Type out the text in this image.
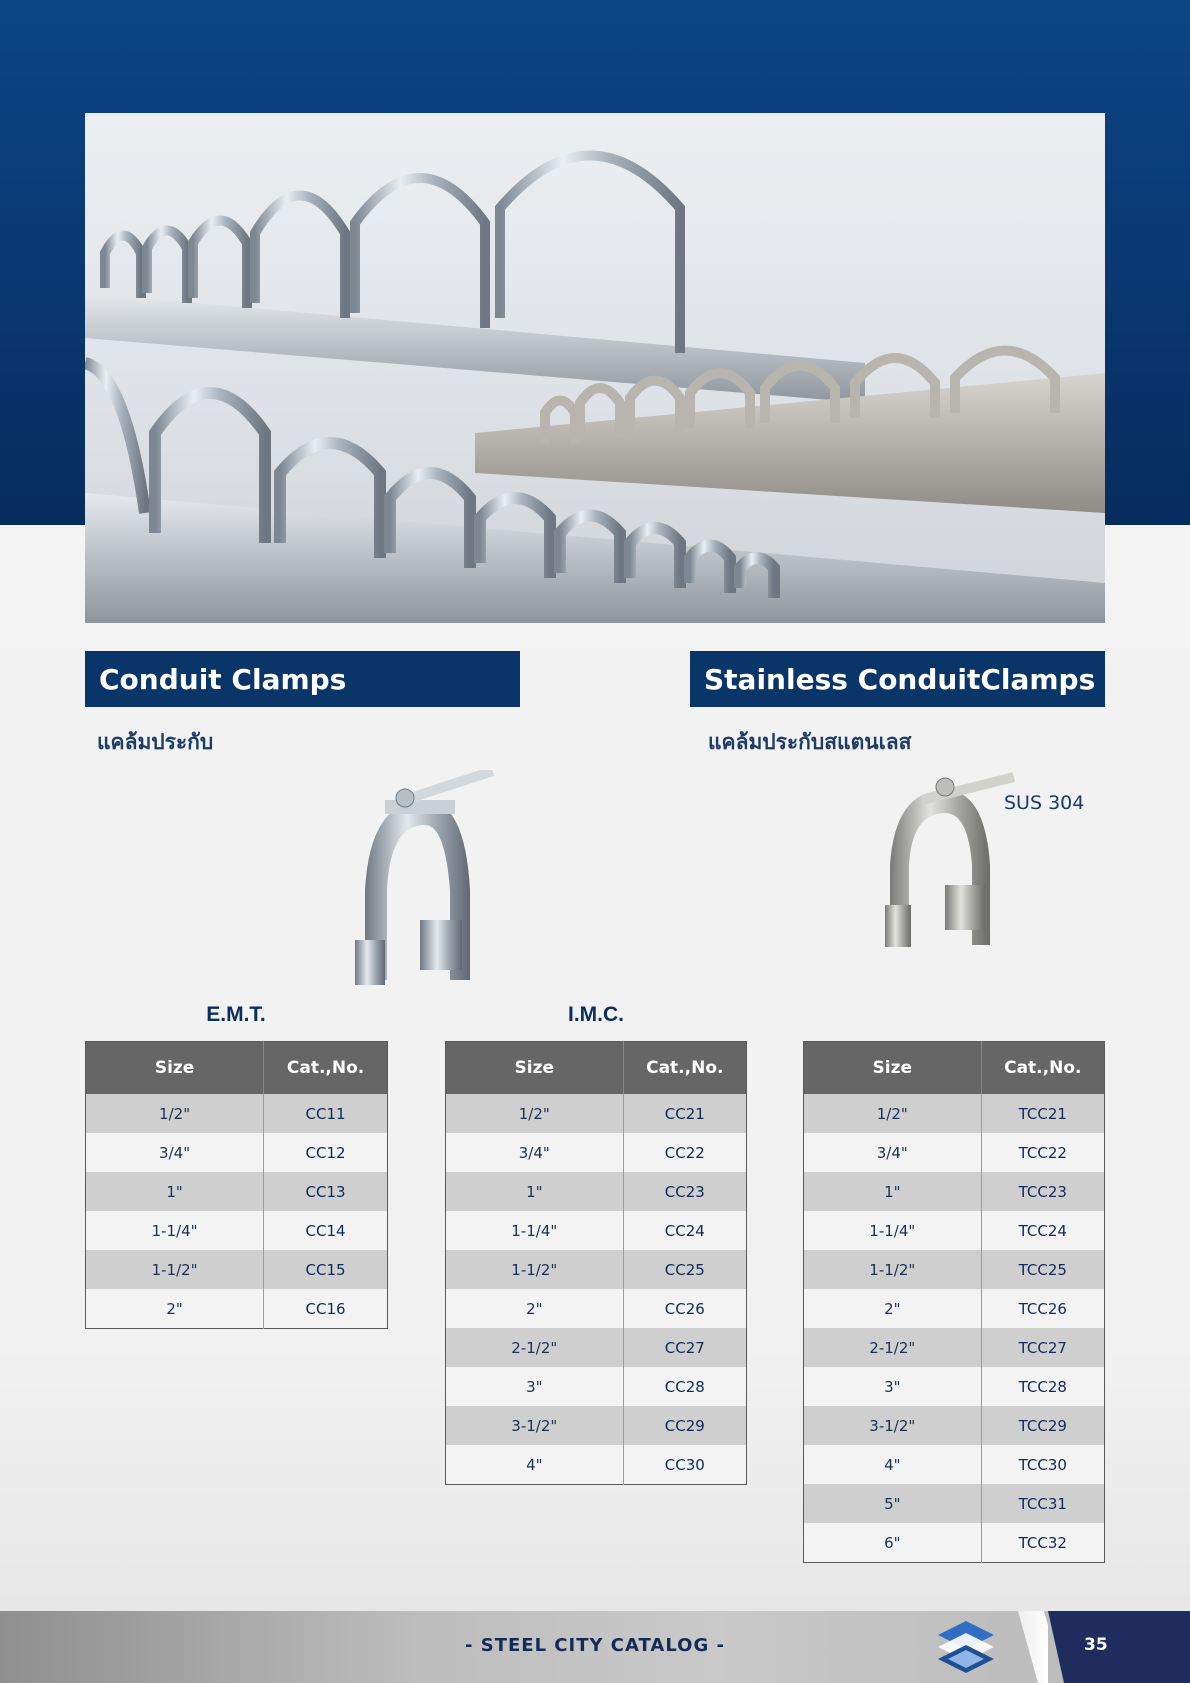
Conduit Clamps
แคล้มประกับ
Stainless ConduitClamps
แคล้มประกับสแตนเลส
SUS 304
E.M.T.
Size	Cat.,No.
1/2"	CC11
3/4"	CC12
1"	CC13
1-1/4"	CC14
1-1/2"	CC15
2"	CC16
I.M.C.
Size	Cat.,No.
1/2"	CC21
3/4"	CC22
1"	CC23
1-1/4"	CC24
1-1/2"	CC25
2"	CC26
2-1/2"	CC27
3"	CC28
3-1/2"	CC29
4"	CC30
Size	Cat.,No.
1/2"	TCC21
3/4"	TCC22
1"	TCC23
1-1/4"	TCC24
1-1/2"	TCC25
2"	TCC26
2-1/2"	TCC27
3"	TCC28
3-1/2"	TCC29
4"	TCC30
5"	TCC31
6"	TCC32
- STEEL CITY CATALOG -	35
